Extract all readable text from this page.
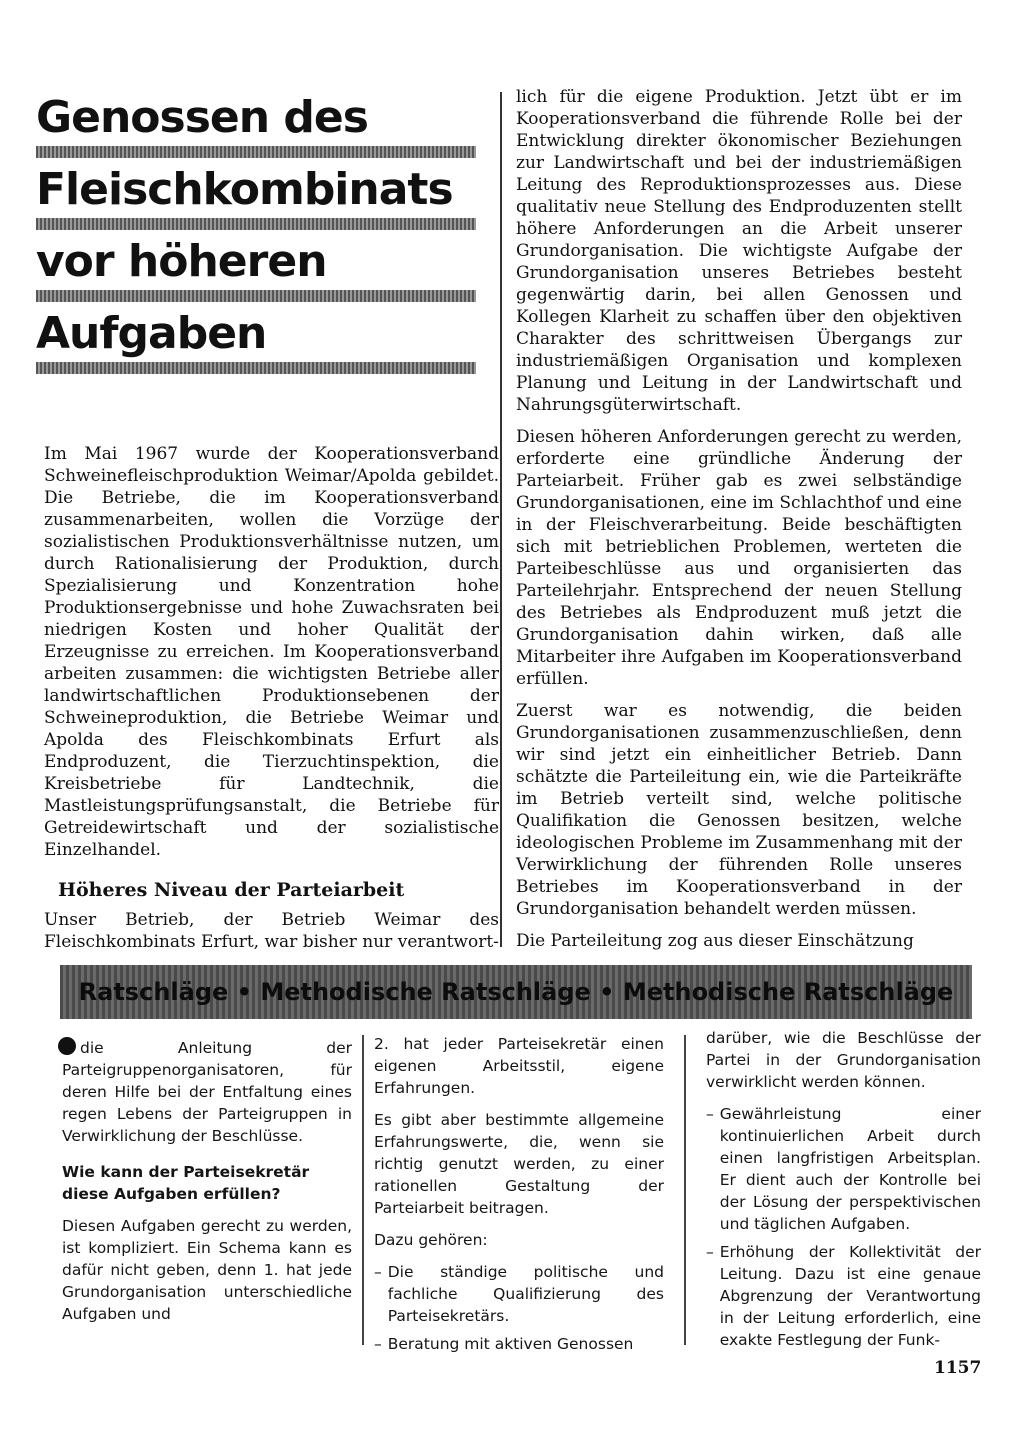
Genossen des
Fleischkombinats
vor höheren
Aufgaben

Im Mai 1967 wurde der Kooperationsverband Schweinefleischproduktion Weimar/Apolda gebildet. Die Betriebe, die im Kooperationsverband zusammenarbeiten, wollen die Vorzüge der sozialistischen Produktionsverhältnisse nutzen, um durch Rationalisierung der Produktion, durch Spezialisierung und Konzentration hohe Produktionsergebnisse und hohe Zuwachsraten bei niedrigen Kosten und hoher Qualität der Erzeugnisse zu erreichen. Im Kooperationsverband arbeiten zusammen: die wichtigsten Betriebe aller landwirtschaftlichen Produktionsebenen der Schweineproduktion, die Betriebe Weimar und Apolda des Fleischkombinats Erfurt als Endproduzent, die Tierzuchtinspektion, die Kreisbetriebe für Landtechnik, die Mastleistungsprüfungsanstalt, die Betriebe für Getreidewirtschaft und der sozialistische Einzelhandel.

Höheres Niveau der Parteiarbeit

Unser Betrieb, der Betrieb Weimar des Fleischkombinats Erfurt, war bisher nur verantwort-

lich für die eigene Produktion. Jetzt übt er im Kooperationsverband die führende Rolle bei der Entwicklung direkter ökonomischer Beziehungen zur Landwirtschaft und bei der industriemäßigen Leitung des Reproduktionsprozesses aus. Diese qualitativ neue Stellung des Endproduzenten stellt höhere Anforderungen an die Arbeit unserer Grundorganisation. Die wichtigste Aufgabe der Grundorganisation unseres Betriebes besteht gegenwärtig darin, bei allen Genossen und Kollegen Klarheit zu schaffen über den objektiven Charakter des schrittweisen Übergangs zur industriemäßigen Organisation und komplexen Planung und Leitung in der Landwirtschaft und Nahrungsgüterwirtschaft.

Diesen höheren Anforderungen gerecht zu werden, erforderte eine gründliche Änderung der Parteiarbeit. Früher gab es zwei selbständige Grundorganisationen, eine im Schlachthof und eine in der Fleischverarbeitung. Beide beschäftigten sich mit betrieblichen Problemen, werteten die Parteibeschlüsse aus und organisierten das Parteilehrjahr. Entsprechend der neuen Stellung des Betriebes als Endproduzent muß jetzt die Grundorganisation dahin wirken, daß alle Mitarbeiter ihre Aufgaben im Kooperationsverband erfüllen.

Zuerst war es notwendig, die beiden Grundorganisationen zusammenzuschließen, denn wir sind jetzt ein einheitlicher Betrieb. Dann schätzte die Parteileitung ein, wie die Parteikräfte im Betrieb verteilt sind, welche politische Qualifikation die Genossen besitzen, welche ideologischen Probleme im Zusammenhang mit der Verwirklichung der führenden Rolle unseres Betriebes im Kooperationsverband in der Grundorganisation behandelt werden müssen.

Die Parteileitung zog aus dieser Einschätzung

Ratschläge • Methodische Ratschläge • Methodische Ratschläge

die Anleitung der Parteigruppenorganisatoren, für deren Hilfe bei der Entfaltung eines regen Lebens der Parteigruppen in Verwirklichung der Beschlüsse.

Wie kann der Parteisekretär diese Aufgaben erfüllen?

Diesen Aufgaben gerecht zu werden, ist kompliziert. Ein Schema kann es dafür nicht geben, denn 1. hat jede Grundorganisation unterschiedliche Aufgaben und

2. hat jeder Parteisekretär einen eigenen Arbeitsstil, eigene Erfahrungen.

Es gibt aber bestimmte allgemeine Erfahrungswerte, die, wenn sie richtig genutzt werden, zu einer rationellen Gestaltung der Parteiarbeit beitragen.

Dazu gehören:

– Die ständige politische und fachliche Qualifizierung des Parteisekretärs.
– Beratung mit aktiven Genossen

darüber, wie die Beschlüsse der Partei in der Grundorganisation verwirklicht werden können.

– Gewährleistung einer kontinuierlichen Arbeit durch einen langfristigen Arbeitsplan. Er dient auch der Kontrolle bei der Lösung der perspektivischen und täglichen Aufgaben.
– Erhöhung der Kollektivität der Leitung. Dazu ist eine genaue Abgrenzung der Verantwortung in der Leitung erforderlich, eine exakte Festlegung der Funk-
1157
